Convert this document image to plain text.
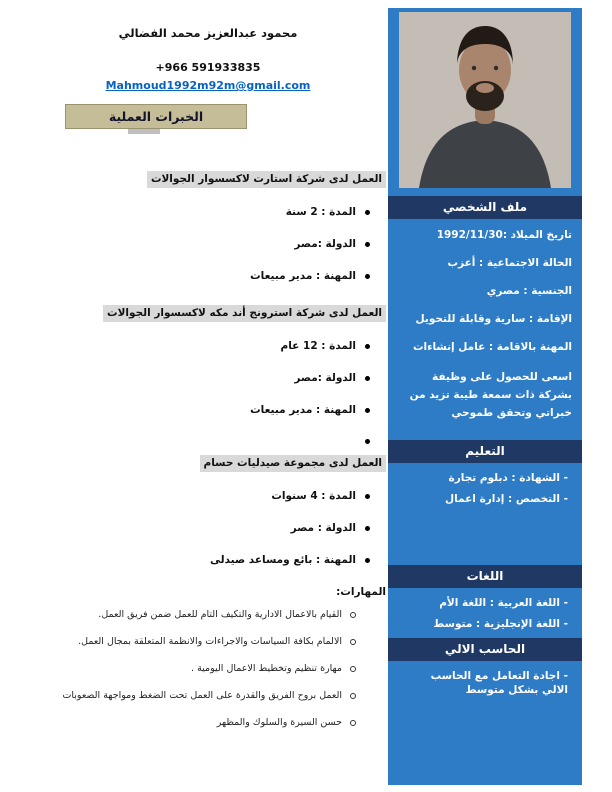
محمود عبدالعزيز محمد الفضالي
+966 591933835
Mahmoud1992m92m@gmail.com
الخبرات العملية
العمل لدى شركة استارت لاكسسوار الجوالات
المدة : 2 سنة
الدولة :مصر
المهنة : مدير مبيعات
العمل لدى شركة استرونج أند مكه لاكسسوار الجوالات
المدة : 12 عام
الدولة :مصر
المهنة : مدير مبيعات
العمل لدى مجموعة صيدليات حسام
المدة : 4 سنوات
الدولة : مصر
المهنة : بائع ومساعد صيدلى
المهارات:
القيام بالاعمال الادارية والتكيف التام للعمل ضمن فريق العمل.
الالمام بكافة السياسات والاجراءات والانظمة المتعلقة بمجال العمل.
مهارة تنظيم وتخطيط الاعمال اليومية .
العمل بروح الفريق والقدرة على العمل تحت الضغط ومواجهة الصعوبات
حسن السيرة والسلوك والمظهر
ملف الشخصي
تاريخ الميلاد :1992/11/30
الحالة الاجتماعية : أعزب
الجنسية : مصري
الإقامة : سارية وقابلة للتحويل
المهنة بالاقامة : عامل إنشاءات

اسعى للحصول على وظيفة بشركة ذات سمعة طيبة تزيد من خبراتي وتحقق طموحي

التعليم
- الشهادة : دبلوم تجارة
- التخصص : إدارة اعمال
اللغات
- اللغة العربية : اللغة الأم
- اللغة الإنجليزية : متوسط
الحاسب الالي
- اجادة التعامل مع الحاسب الالي بشكل متوسط
